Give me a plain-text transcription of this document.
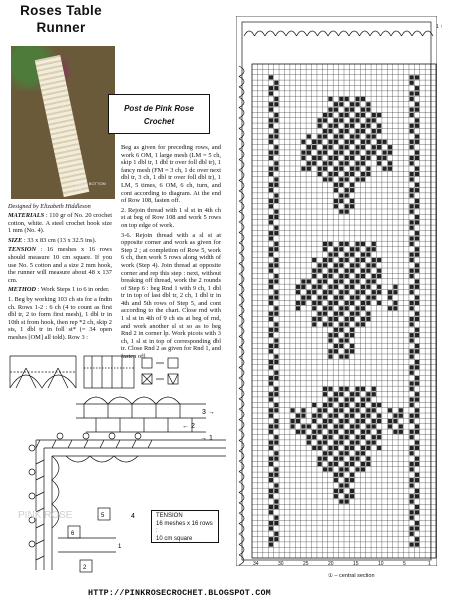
Roses Table
Runner
MIRRIN M BOTTOM AG AB
Designed by Elizabeth Hiddleson
Post de Pink Rose
Crochet

MATERIALS : 110 gr of No. 20 crochet cotton, white. A steel crochet hook size 1 mm (No. 4).

SIZE : 33 x 83 cm (13 x 32.5 ins).

TENSION : 16 meshes x 16 rows should measure 10 cm square. If you use No. 5 cotton and a size 2 mm hook, the runner will measure about 48 x 137 cm.

METHOD : Work Steps 1 to 6 in order.

1. Beg by working 103 ch sts for a fndtn ch. Rows 1-2 : 6 ch (4 to count as first dbl tr, 2 to form first mesh), 1 dbl tr in 10th st from hook, then rep *2 ch, skip 2 sts, 1 dbl tr in foll st* (= 34 open meshes [OM] all told). Row 3 :

Beg as given for preceding rows, and work 6 OM, 1 large mesh (LM = 5 ch, skip 1 dbl tr, 1 dbl tr over foll dbl tr), 1 fancy mesh (FM = 3 ch, 1 dc over next dbl tr, 3 ch, 1 dbl tr over foll dbl tr), 1 LM, 5 times, 6 OM, 6 ch, turn, and cont according to diagram. At the end of Row 108, fasten off.

2. Rejoin thread with 1 sl st in 4th ch st at beg of Row 108 and work 5 rows on top edge of work.

3-6. Rejoin thread with a sl st at opposite corner and work as given for Step 2 ; at completion of Row 5, work 6 ch, then work 5 rows along width of work (Step 4). Join thread at opposite corner and rep this step : next, without breaking off thread, work the 2 rounds of Step 6 : beg Rnd 1 with 9 ch, 1 dbl tr in top of last dbl tr, 2 ch, 1 dbl tr in 4th and 5th rows of Step 5, and cont according to the chart. Close rnd with 1 sl st in 4th of 9 ch sts at beg of rnd, and work another sl st so as to beg Rnd 2 in corner lp. Work picots with 3 ch, 1 sl st in top of corresponding dbl tr. Close Rnd 2 as given for Rnd 1, and fasten off.

3 →
← 2
→ 1
4
5
6
2
1
PINK ROSE	TENSION
16 meshes x 16 rows :
10 cm square
1 ↑
① – central section
1
5
10
15
20
25
30
34
HTTP://PINKROSECROCHET.BLOGSPOT.COM
